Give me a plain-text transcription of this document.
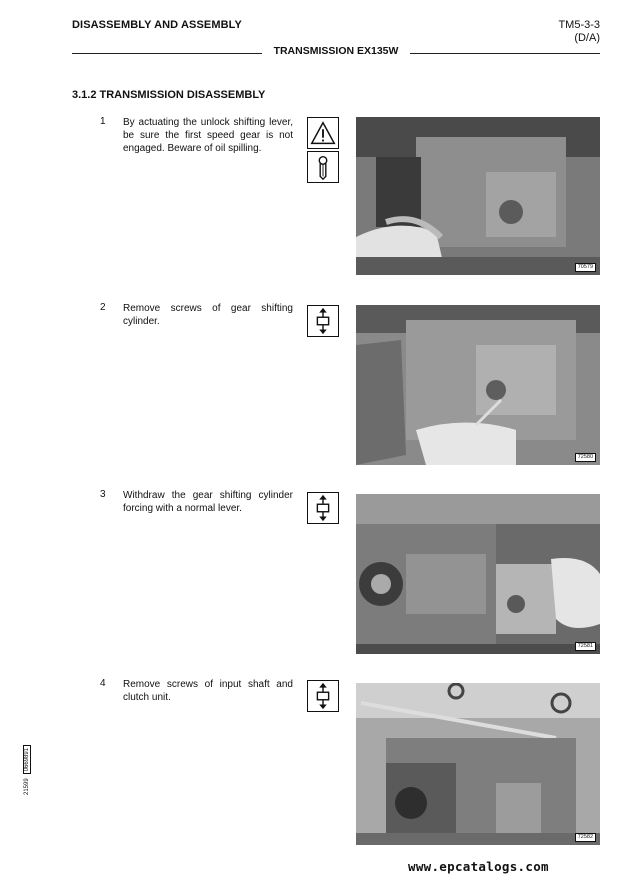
DISASSEMBLY AND ASSEMBLY	TM5-3-3
(D/A)
TRANSMISSION EX135W
3.1.2 TRANSMISSION DISASSEMBLY
1 By actuating the unlock shifting lever, be sure the first speed gear is not engaged. Beware of oil spilling.
70579
2 Remove screws of gear shifting cylinder.
72580
3 Withdraw the gear shifting cylinder forcing with a normal lever.
72581
4 Remove screws of input shaft and clutch unit.
72582
215990669891
www.epcatalogs.com
